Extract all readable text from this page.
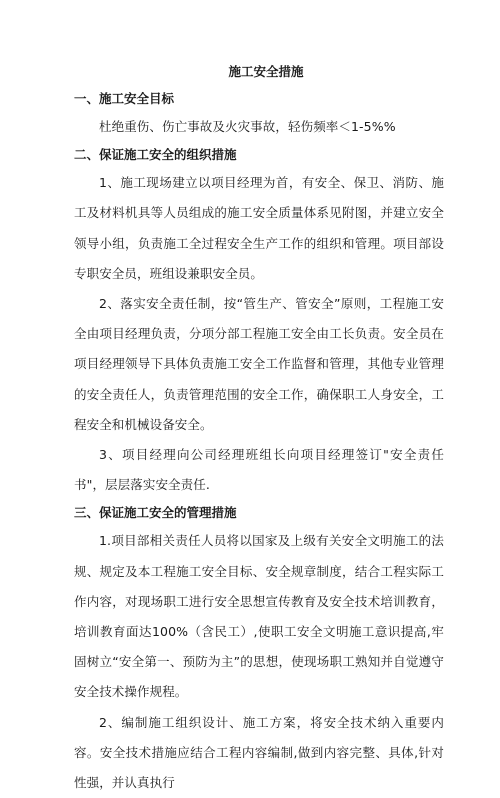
施工安全措施
一、施工安全目标

杜绝重伤、伤亡事故及火灾事故，轻伤频率＜1-5%%

二、保证施工安全的组织措施

1、施工现场建立以项目经理为首，有安全、保卫、消防、施工及材料机具等人员组成的施工安全质量体系见附图，并建立安全领导小组，负责施工全过程安全生产工作的组织和管理。项目部设专职安全员，班组设兼职安全员。

2、落实安全责任制，按“管生产、管安全”原则，工程施工安全由项目经理负责，分项分部工程施工安全由工长负责。安全员在项目经理领导下具体负责施工安全工作监督和管理，其他专业管理的安全责任人，负责管理范围的安全工作，确保职工人身安全，工程安全和机械设备安全。

3、项目经理向公司经理班组长向项目经理签订"安全责任书"，层层落实安全责任.

三、保证施工安全的管理措施

1.项目部相关责任人员将以国家及上级有关安全文明施工的法规、规定及本工程施工安全目标、安全规章制度，结合工程实际工作内容，对现场职工进行安全思想宣传教育及安全技术培训教育，培训教育面达100%（含民工）,使职工安全文明施工意识提高,牢固树立“安全第一、预防为主”的思想，使现场职工熟知并自觉遵守安全技术操作规程。

2、编制施工组织设计、施工方案，将安全技术纳入重要内容。安全技术措施应结合工程内容编制,做到内容完整、具体,针对性强，并认真执行
